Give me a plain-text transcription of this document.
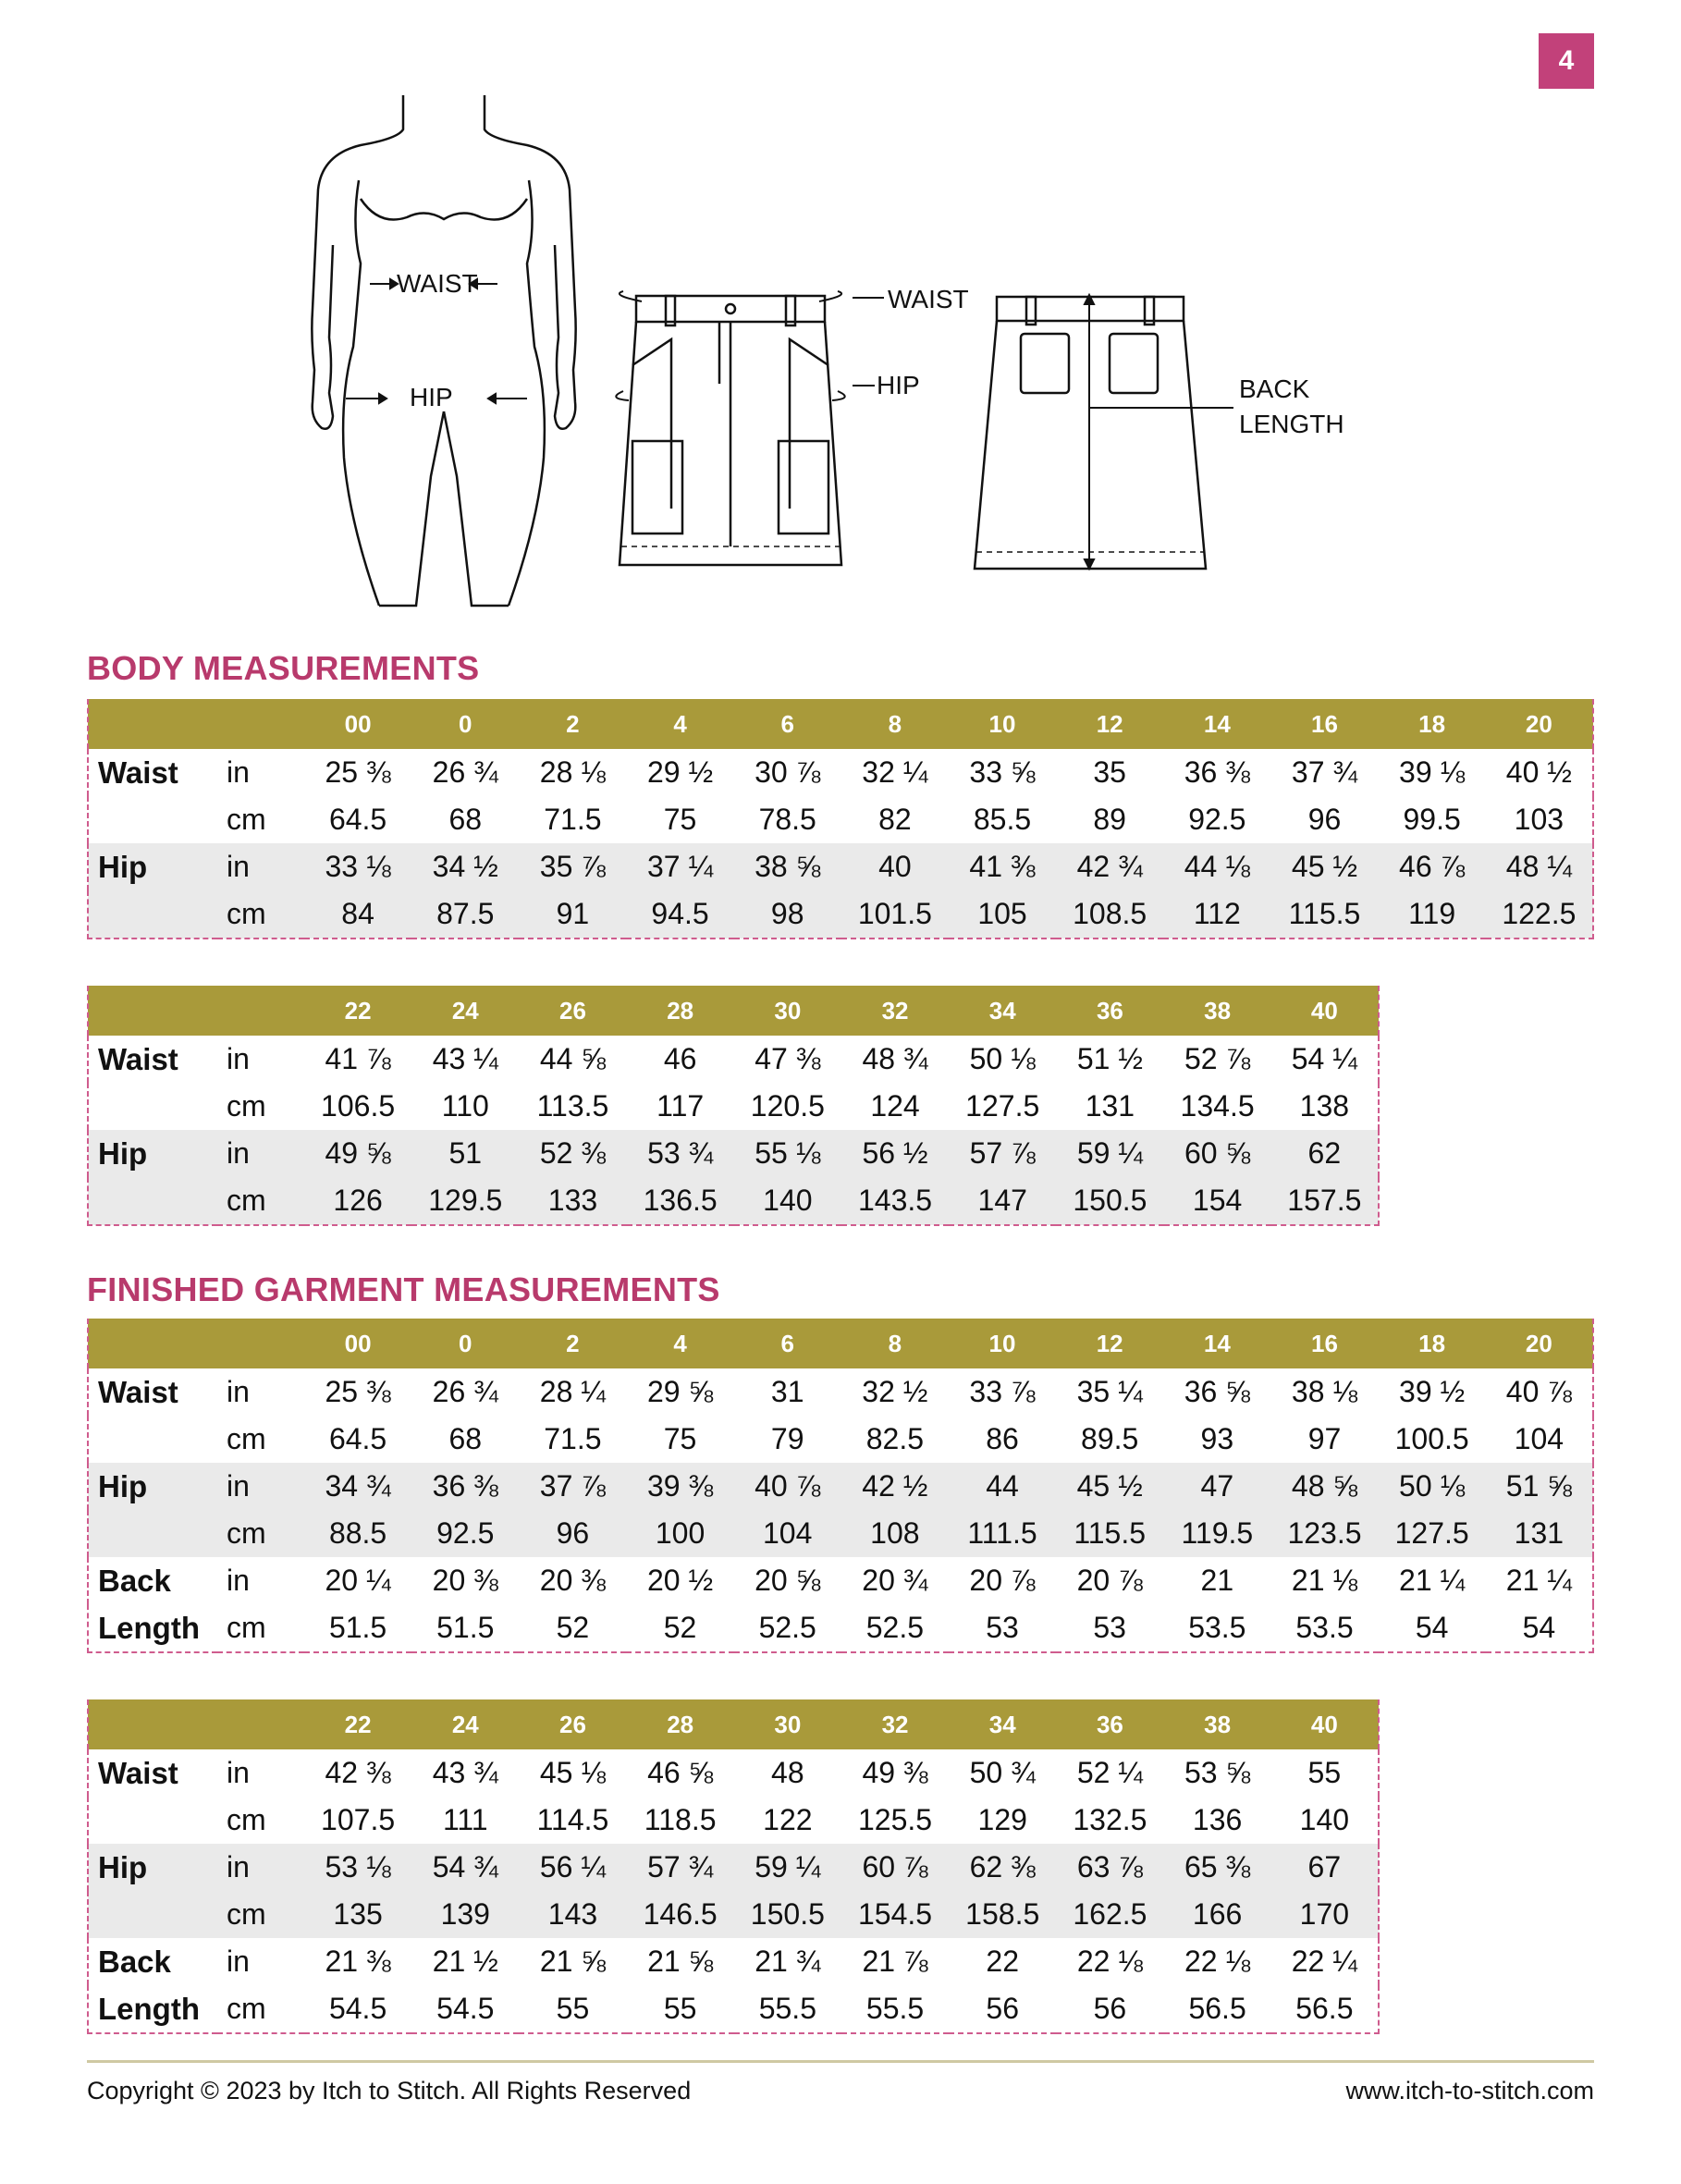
4
WAIST
HIP
WAIST
HIP	BACK
LENGTH
BODY MEASUREMENTS
		00	0	2	4	6	8	10	12	14	16	18	20
Waist	in	25 ⅜	26 ¾	28 ⅛	29 ½	30 ⅞	32 ¼	33 ⅝	35	36 ⅜	37 ¾	39 ⅛	40 ½
	cm	64.5	68	71.5	75	78.5	82	85.5	89	92.5	96	99.5	103
Hip	in	33 ⅛	34 ½	35 ⅞	37 ¼	38 ⅝	40	41 ⅜	42 ¾	44 ⅛	45 ½	46 ⅞	48 ¼
	cm	84	87.5	91	94.5	98	101.5	105	108.5	112	115.5	119	122.5
		22	24	26	28	30	32	34	36	38	40
Waist	in	41 ⅞	43 ¼	44 ⅝	46	47 ⅜	48 ¾	50 ⅛	51 ½	52 ⅞	54 ¼
	cm	106.5	110	113.5	117	120.5	124	127.5	131	134.5	138
Hip	in	49 ⅝	51	52 ⅜	53 ¾	55 ⅛	56 ½	57 ⅞	59 ¼	60 ⅝	62
	cm	126	129.5	133	136.5	140	143.5	147	150.5	154	157.5
FINISHED GARMENT MEASUREMENTS
		00	0	2	4	6	8	10	12	14	16	18	20
Waist	in	25 ⅜	26 ¾	28 ¼	29 ⅝	31	32 ½	33 ⅞	35 ¼	36 ⅝	38 ⅛	39 ½	40 ⅞
	cm	64.5	68	71.5	75	79	82.5	86	89.5	93	97	100.5	104
Hip	in	34 ¾	36 ⅜	37 ⅞	39 ⅜	40 ⅞	42 ½	44	45 ½	47	48 ⅝	50 ⅛	51 ⅝
	cm	88.5	92.5	96	100	104	108	111.5	115.5	119.5	123.5	127.5	131
Back	in	20 ¼	20 ⅜	20 ⅜	20 ½	20 ⅝	20 ¾	20 ⅞	20 ⅞	21	21 ⅛	21 ¼	21 ¼
Length	cm	51.5	51.5	52	52	52.5	52.5	53	53	53.5	53.5	54	54
		22	24	26	28	30	32	34	36	38	40
Waist	in	42 ⅜	43 ¾	45 ⅛	46 ⅝	48	49 ⅜	50 ¾	52 ¼	53 ⅝	55
	cm	107.5	111	114.5	118.5	122	125.5	129	132.5	136	140
Hip	in	53 ⅛	54 ¾	56 ¼	57 ¾	59 ¼	60 ⅞	62 ⅜	63 ⅞	65 ⅜	67
	cm	135	139	143	146.5	150.5	154.5	158.5	162.5	166	170
Back	in	21 ⅜	21 ½	21 ⅝	21 ⅝	21 ¾	21 ⅞	22	22 ⅛	22 ⅛	22 ¼
Length	cm	54.5	54.5	55	55	55.5	55.5	56	56	56.5	56.5
Copyright © 2023 by Itch to Stitch. All Rights Reserved	www.itch-to-stitch.com
